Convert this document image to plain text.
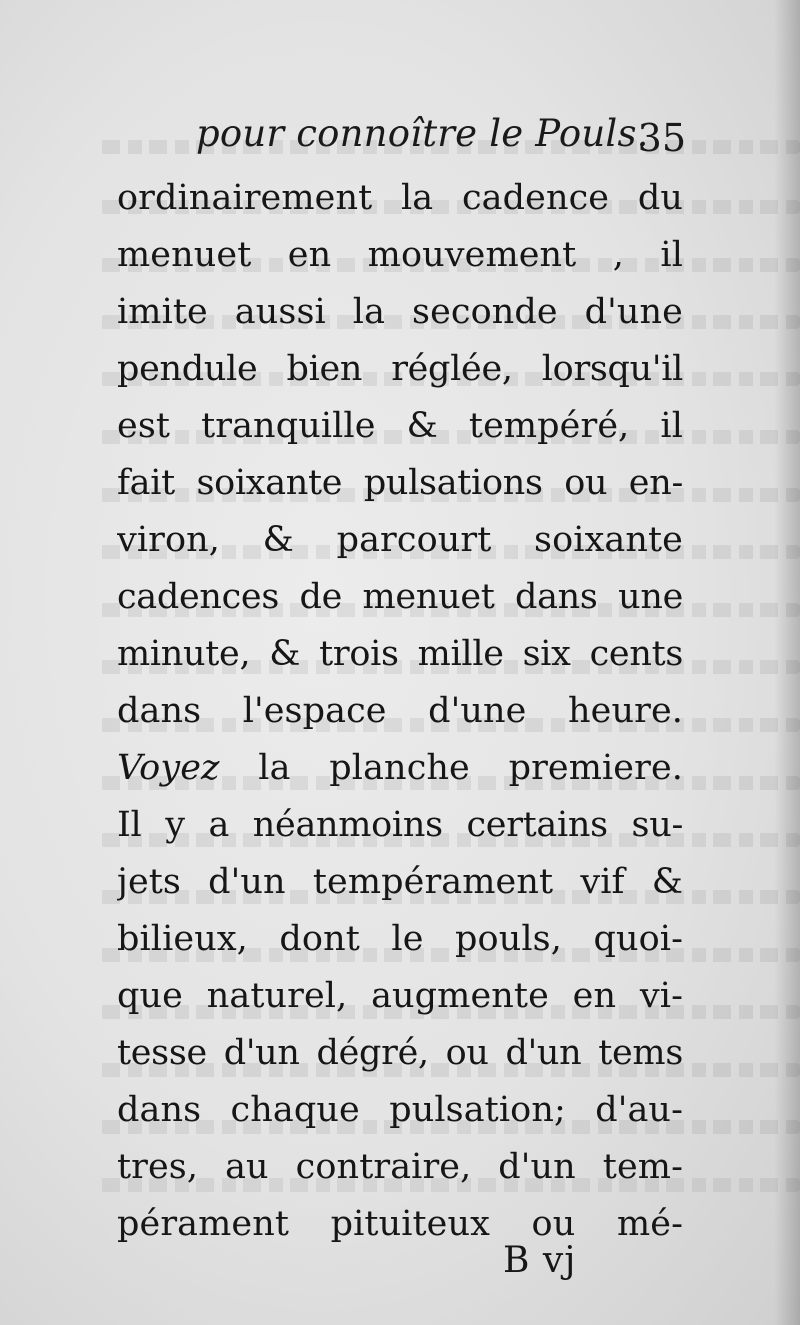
pour connoître le Pouls.
35
ordinairement la cadence du
menuet en mouvement , il
imite aussi la seconde d'une
pendule bien réglée, lorsqu'il
est tranquille & tempéré, il
fait soixante pulsations ou en-
viron, & parcourt soixante
cadences de menuet dans une
minute, & trois mille six cents
dans l'espace d'une heure.
Voyez la planche premiere.
Il y a néanmoins certains su-
jets d'un tempérament vif &
bilieux, dont le pouls, quoi-
que naturel, augmente en vi-
tesse d'un dégré, ou d'un tems
dans chaque pulsation; d'au-
tres, au contraire, d'un tem-
pérament pituiteux ou mé-
B vj
